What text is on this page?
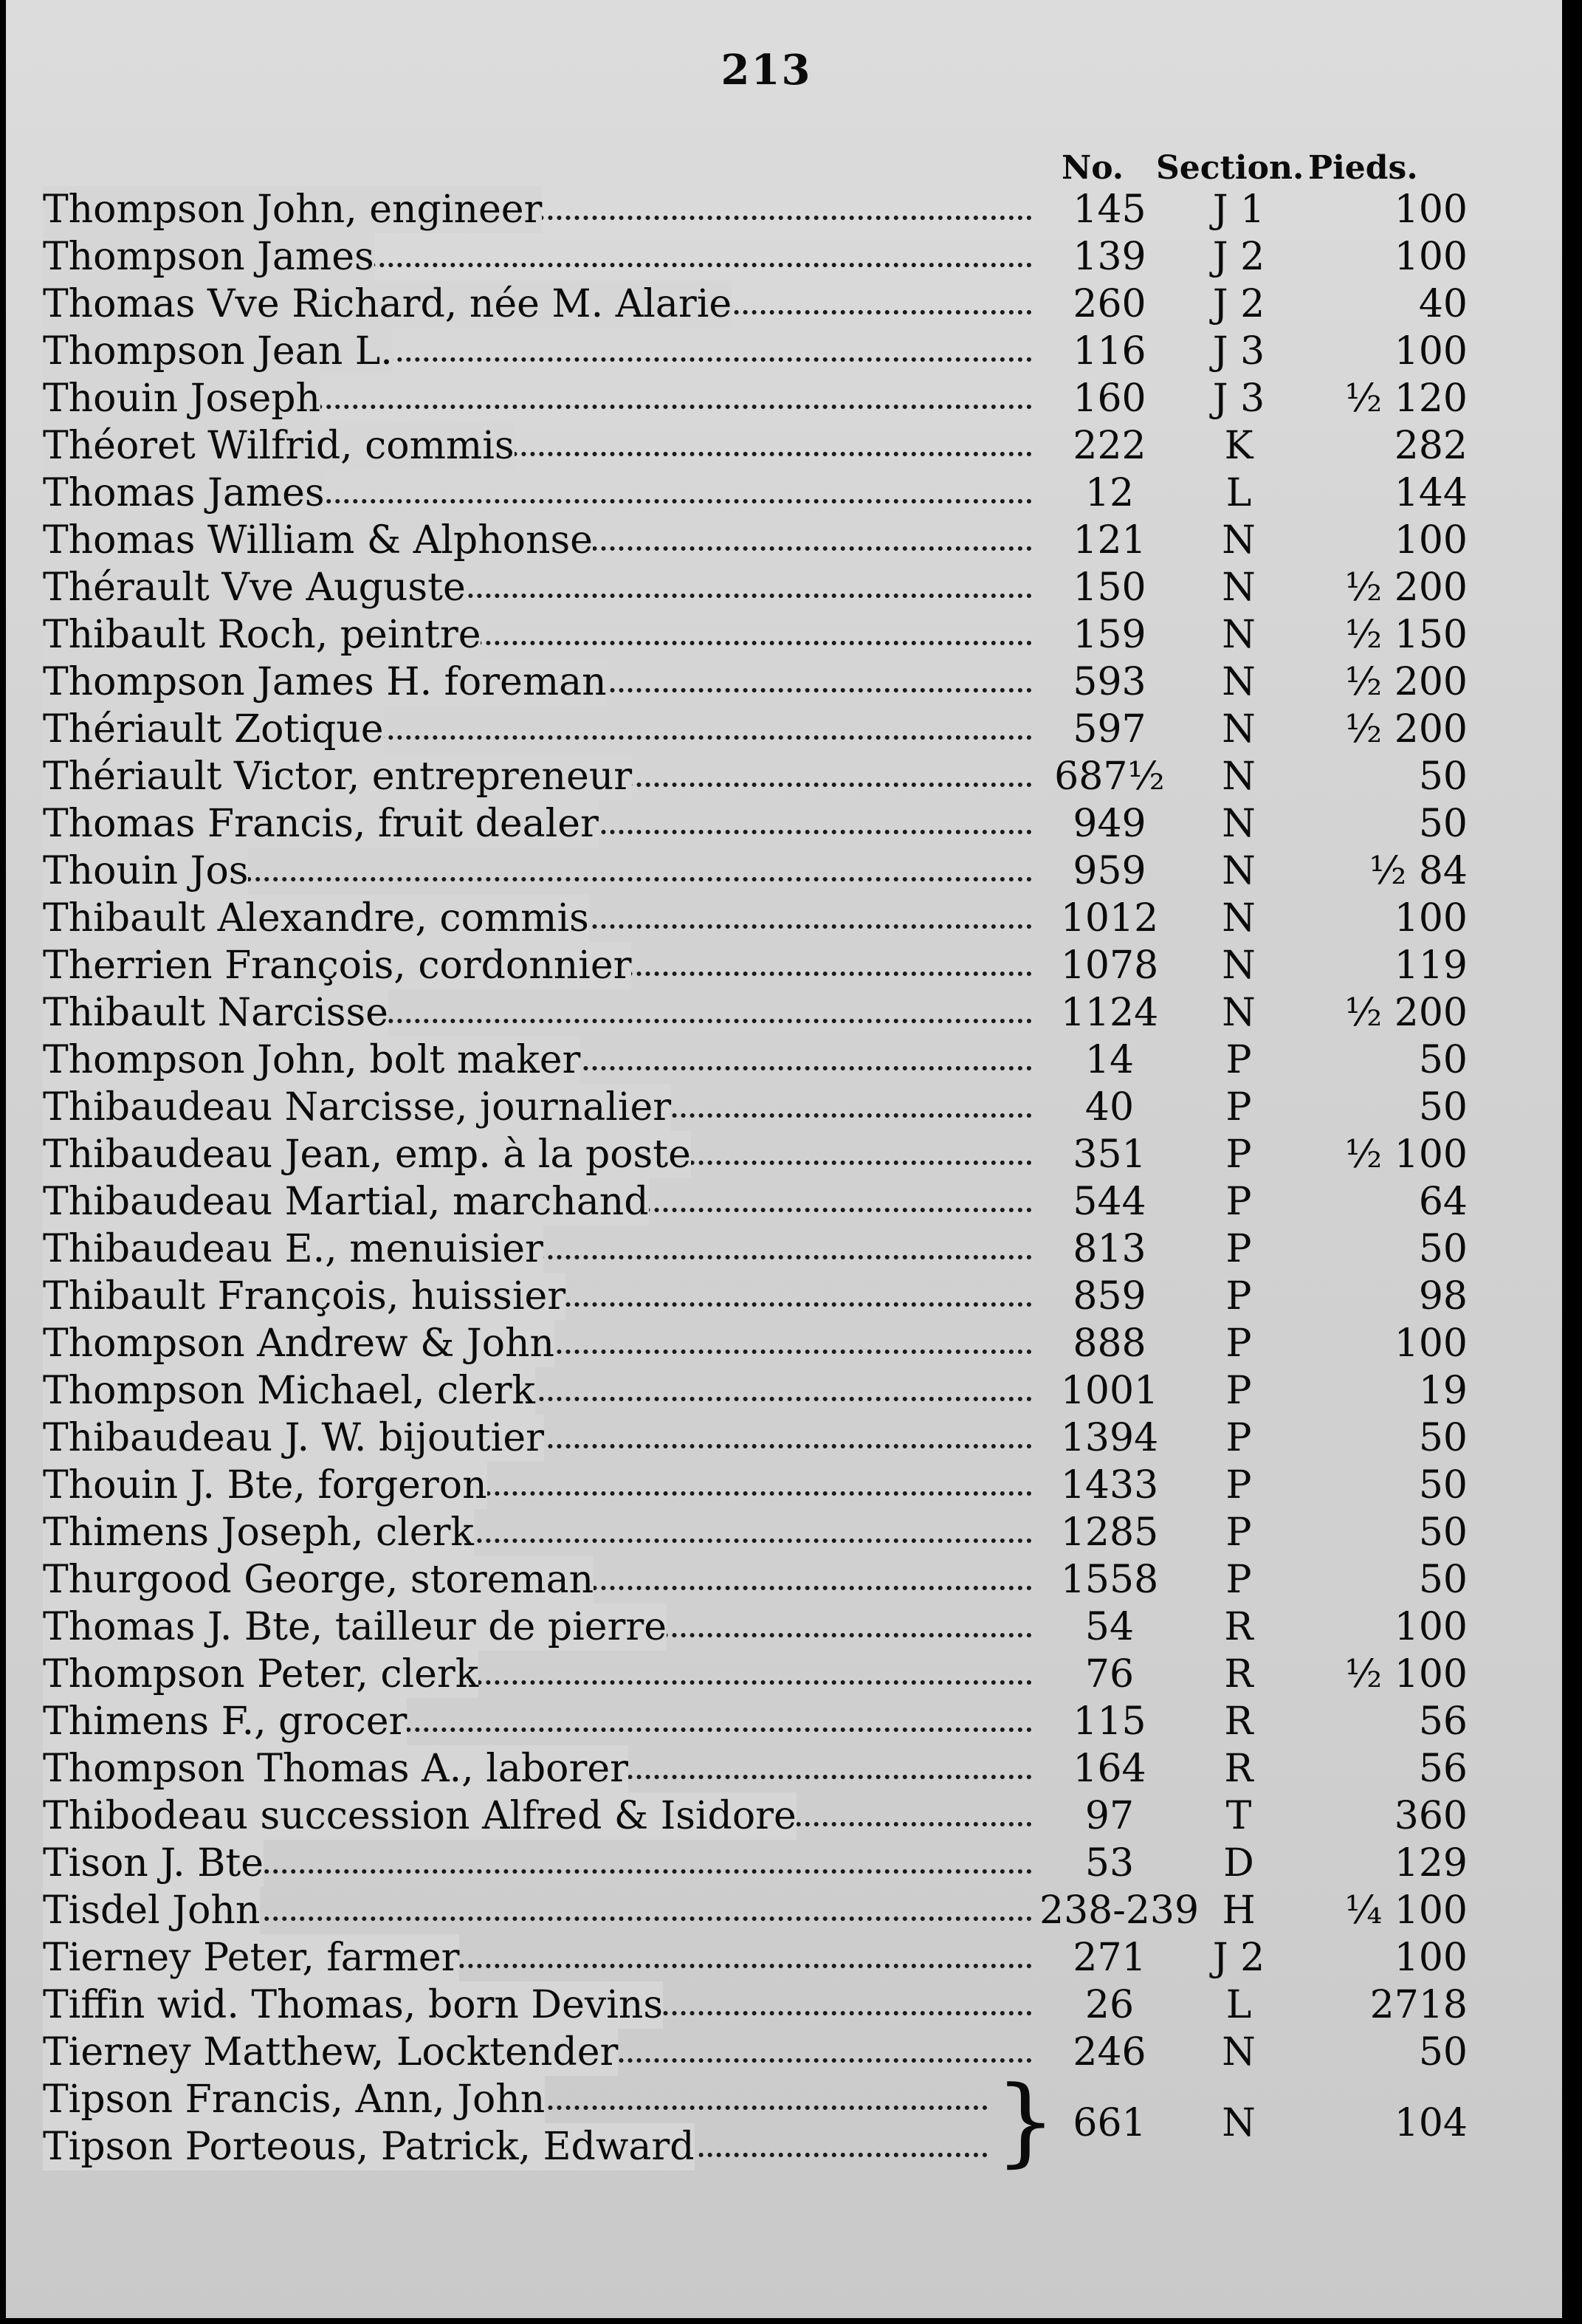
213
No. Section. Pieds.
Thompson John, engineer	145	J 1	100
Thompson James	139	J 2	100
Thomas Vve Richard, née M. Alarie	260	J 2	40
Thompson Jean L.	116	J 3	100
Thouin Joseph	160	J 3	½ 120
Théoret Wilfrid, commis	222	K	282
Thomas James	12	L	144
Thomas William & Alphonse	121	N	100
Thérault Vve Auguste	150	N	½ 200
Thibault Roch, peintre	159	N	½ 150
Thompson James H. foreman	593	N	½ 200
Thériault Zotique	597	N	½ 200
Thériault Victor, entrepreneur	687½	N	50
Thomas Francis, fruit dealer	949	N	50
Thouin Jos	959	N	½ 84
Thibault Alexandre, commis	1012	N	100
Therrien François, cordonnier	1078	N	119
Thibault Narcisse	1124	N	½ 200
Thompson John, bolt maker	14	P	50
Thibaudeau Narcisse, journalier	40	P	50
Thibaudeau Jean, emp. à la poste	351	P	½ 100
Thibaudeau Martial, marchand	544	P	64
Thibaudeau E., menuisier	813	P	50
Thibault François, huissier	859	P	98
Thompson Andrew & John	888	P	100
Thompson Michael, clerk	1001	P	19
Thibaudeau J. W. bijoutier	1394	P	50
Thouin J. Bte, forgeron	1433	P	50
Thimens Joseph, clerk	1285	P	50
Thurgood George, storeman	1558	P	50
Thomas J. Bte, tailleur de pierre	54	R	100
Thompson Peter, clerk	76	R	½ 100
Thimens F., grocer	115	R	56
Thompson Thomas A., laborer	164	R	56
Thibodeau succession Alfred & Isidore	97	T	360
Tison J. Bte	53	D	129
Tisdel John	238-239 H	¼ 100
Tierney Peter, farmer	271	J 2	100
Tiffin wid. Thomas, born Devins	26	L	2718
Tierney Matthew, Locktender	246	N	50
Tipson Francis, Ann, John
Tipson Porteous, Patrick, Edward	} 661	N	104
